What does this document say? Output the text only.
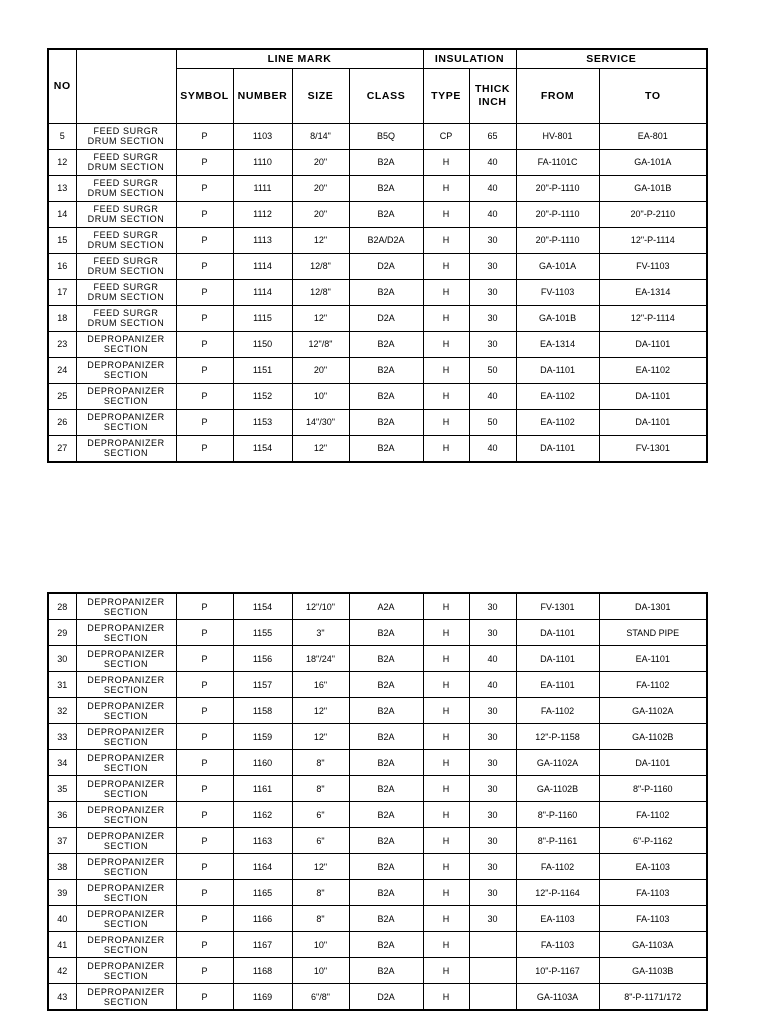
NO		LINE MARK				INSULATION		SERVICE	
		SYMBOL	NUMBER	SIZE	CLASS	TYPE	THICK
INCH	FROM	TO
5	FEED SURGR
DRUM SECTION	P	1103	8/14"	B5Q	CP	65	HV-801	EA-801
12	FEED SURGR
DRUM SECTION	P	1110	20"	B2A	H	40	FA-1101C	GA-101A
13	FEED SURGR
DRUM SECTION	P	1111	20"	B2A	H	40	20"-P-1110	GA-101B
14	FEED SURGR
DRUM SECTION	P	1112	20"	B2A	H	40	20"-P-1110	20"-P-2110
15	FEED SURGR
DRUM SECTION	P	1113	12"	B2A/D2A	H	30	20"-P-1110	12"-P-1114
16	FEED SURGR
DRUM SECTION	P	1114	12/8"	D2A	H	30	GA-101A	FV-1103
17	FEED SURGR
DRUM SECTION	P	1114	12/8"	B2A	H	30	FV-1103	EA-1314
18	FEED SURGR
DRUM SECTION	P	1115	12"	D2A	H	30	GA-101B	12"-P-1114
23	DEPROPANIZER
SECTION	P	1150	12"/8"	B2A	H	30	EA-1314	DA-1101
24	DEPROPANIZER
SECTION	P	1151	20"	B2A	H	50	DA-1101	EA-1102
25	DEPROPANIZER
SECTION	P	1152	10"	B2A	H	40	EA-1102	DA-1101
26	DEPROPANIZER
SECTION	P	1153	14"/30"	B2A	H	50	EA-1102	DA-1101
27	DEPROPANIZER
SECTION	P	1154	12"	B2A	H	40	DA-1101	FV-1301
28	DEPROPANIZER
SECTION	P	1154	12"/10"	A2A	H	30	FV-1301	DA-1301
29	DEPROPANIZER
SECTION	P	1155	3"	B2A	H	30	DA-1101	STAND PIPE
30	DEPROPANIZER
SECTION	P	1156	18"/24"	B2A	H	40	DA-1101	EA-1101
31	DEPROPANIZER
SECTION	P	1157	16"	B2A	H	40	EA-1101	FA-1102
32	DEPROPANIZER
SECTION	P	1158	12"	B2A	H	30	FA-1102	GA-1102A
33	DEPROPANIZER
SECTION	P	1159	12"	B2A	H	30	12"-P-1158	GA-1102B
34	DEPROPANIZER
SECTION	P	1160	8"	B2A	H	30	GA-1102A	DA-1101
35	DEPROPANIZER
SECTION	P	1161	8"	B2A	H	30	GA-1102B	8"-P-1160
36	DEPROPANIZER
SECTION	P	1162	6"	B2A	H	30	8"-P-1160	FA-1102
37	DEPROPANIZER
SECTION	P	1163	6"	B2A	H	30	8"-P-1161	6"-P-1162
38	DEPROPANIZER
SECTION	P	1164	12"	B2A	H	30	FA-1102	EA-1103
39	DEPROPANIZER
SECTION	P	1165	8"	B2A	H	30	12"-P-1164	FA-1103
40	DEPROPANIZER
SECTION	P	1166	8"	B2A	H	30	EA-1103	FA-1103
41	DEPROPANIZER
SECTION	P	1167	10"	B2A	H		FA-1103	GA-1103A
42	DEPROPANIZER
SECTION	P	1168	10"	B2A	H		10"-P-1167	GA-1103B
43	DEPROPANIZER
SECTION	P	1169	6"/8"	D2A	H		GA-1103A	8"-P-1171/172
